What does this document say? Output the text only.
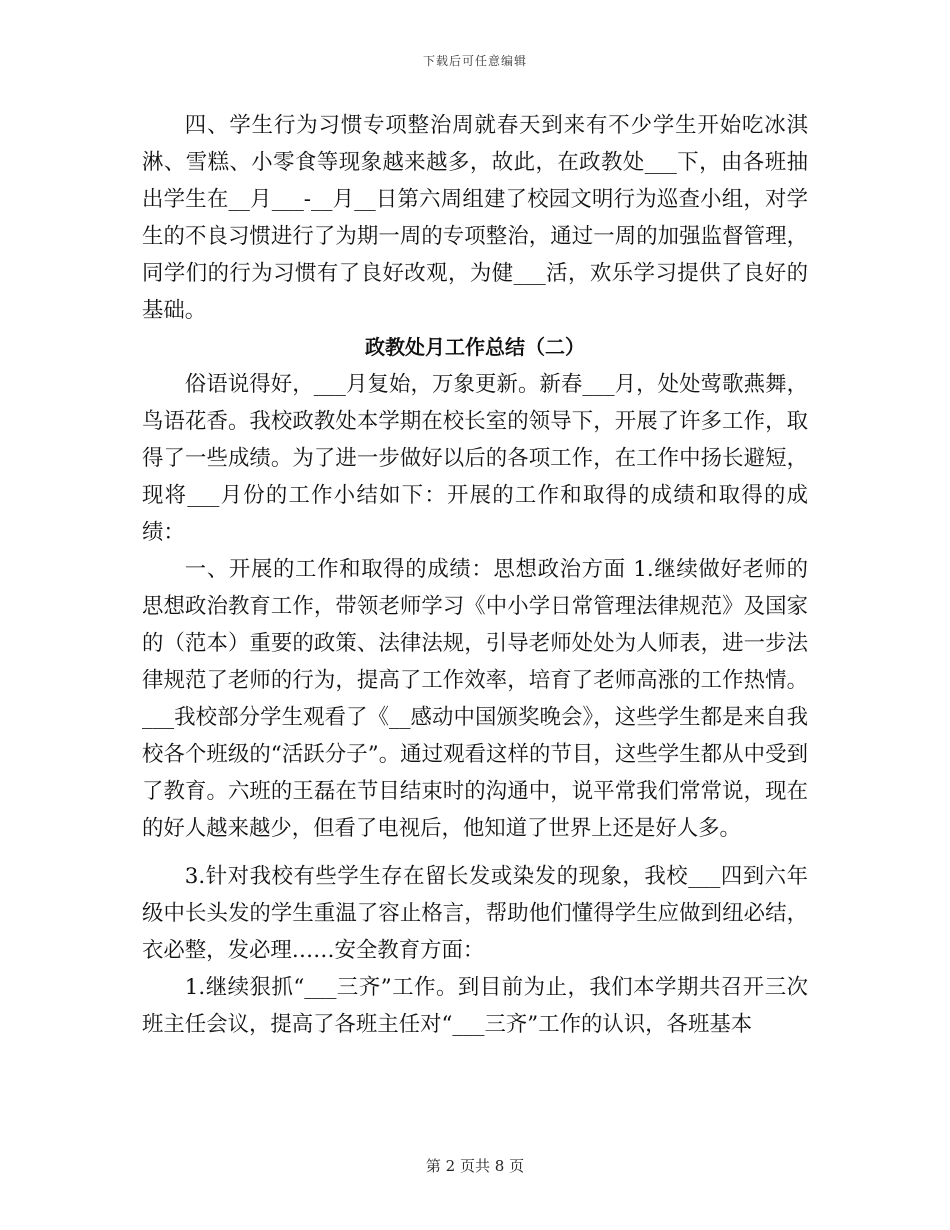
下载后可任意编辑

四、学生行为习惯专项整治周就春天到来有不少学生开始吃冰淇淋、雪糕、小零食等现象越来越多，故此，在政教处___下，由各班抽出学生在__月___-__月__日第六周组建了校园文明行为巡查小组，对学生的不良习惯进行了为期一周的专项整治，通过一周的加强监督管理，同学们的行为习惯有了良好改观，为健___活，欢乐学习提供了良好的基础。

政教处月工作总结（二）

俗语说得好，___月复始，万象更新。新春___月，处处莺歌燕舞，鸟语花香。我校政教处本学期在校长室的领导下，开展了许多工作，取得了一些成绩。为了进一步做好以后的各项工作，在工作中扬长避短，现将___月份的工作小结如下：开展的工作和取得的成绩和取得的成绩：

一、开展的工作和取得的成绩：思想政治方面 1.继续做好老师的思想政治教育工作，带领老师学习《中小学日常管理法律规范》及国家的（范本）重要的政策、法律法规，引导老师处处为人师表，进一步法律规范了老师的行为，提高了工作效率，培育了老师高涨的工作热情。___我校部分学生观看了《__感动中国颁奖晚会》，这些学生都是来自我校各个班级的“活跃分子”。通过观看这样的节目，这些学生都从中受到了教育。六班的王磊在节目结束时的沟通中，说平常我们常常说，现在的好人越来越少，但看了电视后，他知道了世界上还是好人多。

3.针对我校有些学生存在留长发或染发的现象，我校___四到六年级中长头发的学生重温了容止格言，帮助他们懂得学生应做到纽必结，衣必整，发必理……安全教育方面：

1.继续狠抓“___三齐”工作。到目前为止，我们本学期共召开三次班主任会议，提高了各班主任对“___三齐”工作的认识，各班基本

第 2 页共 8 页
